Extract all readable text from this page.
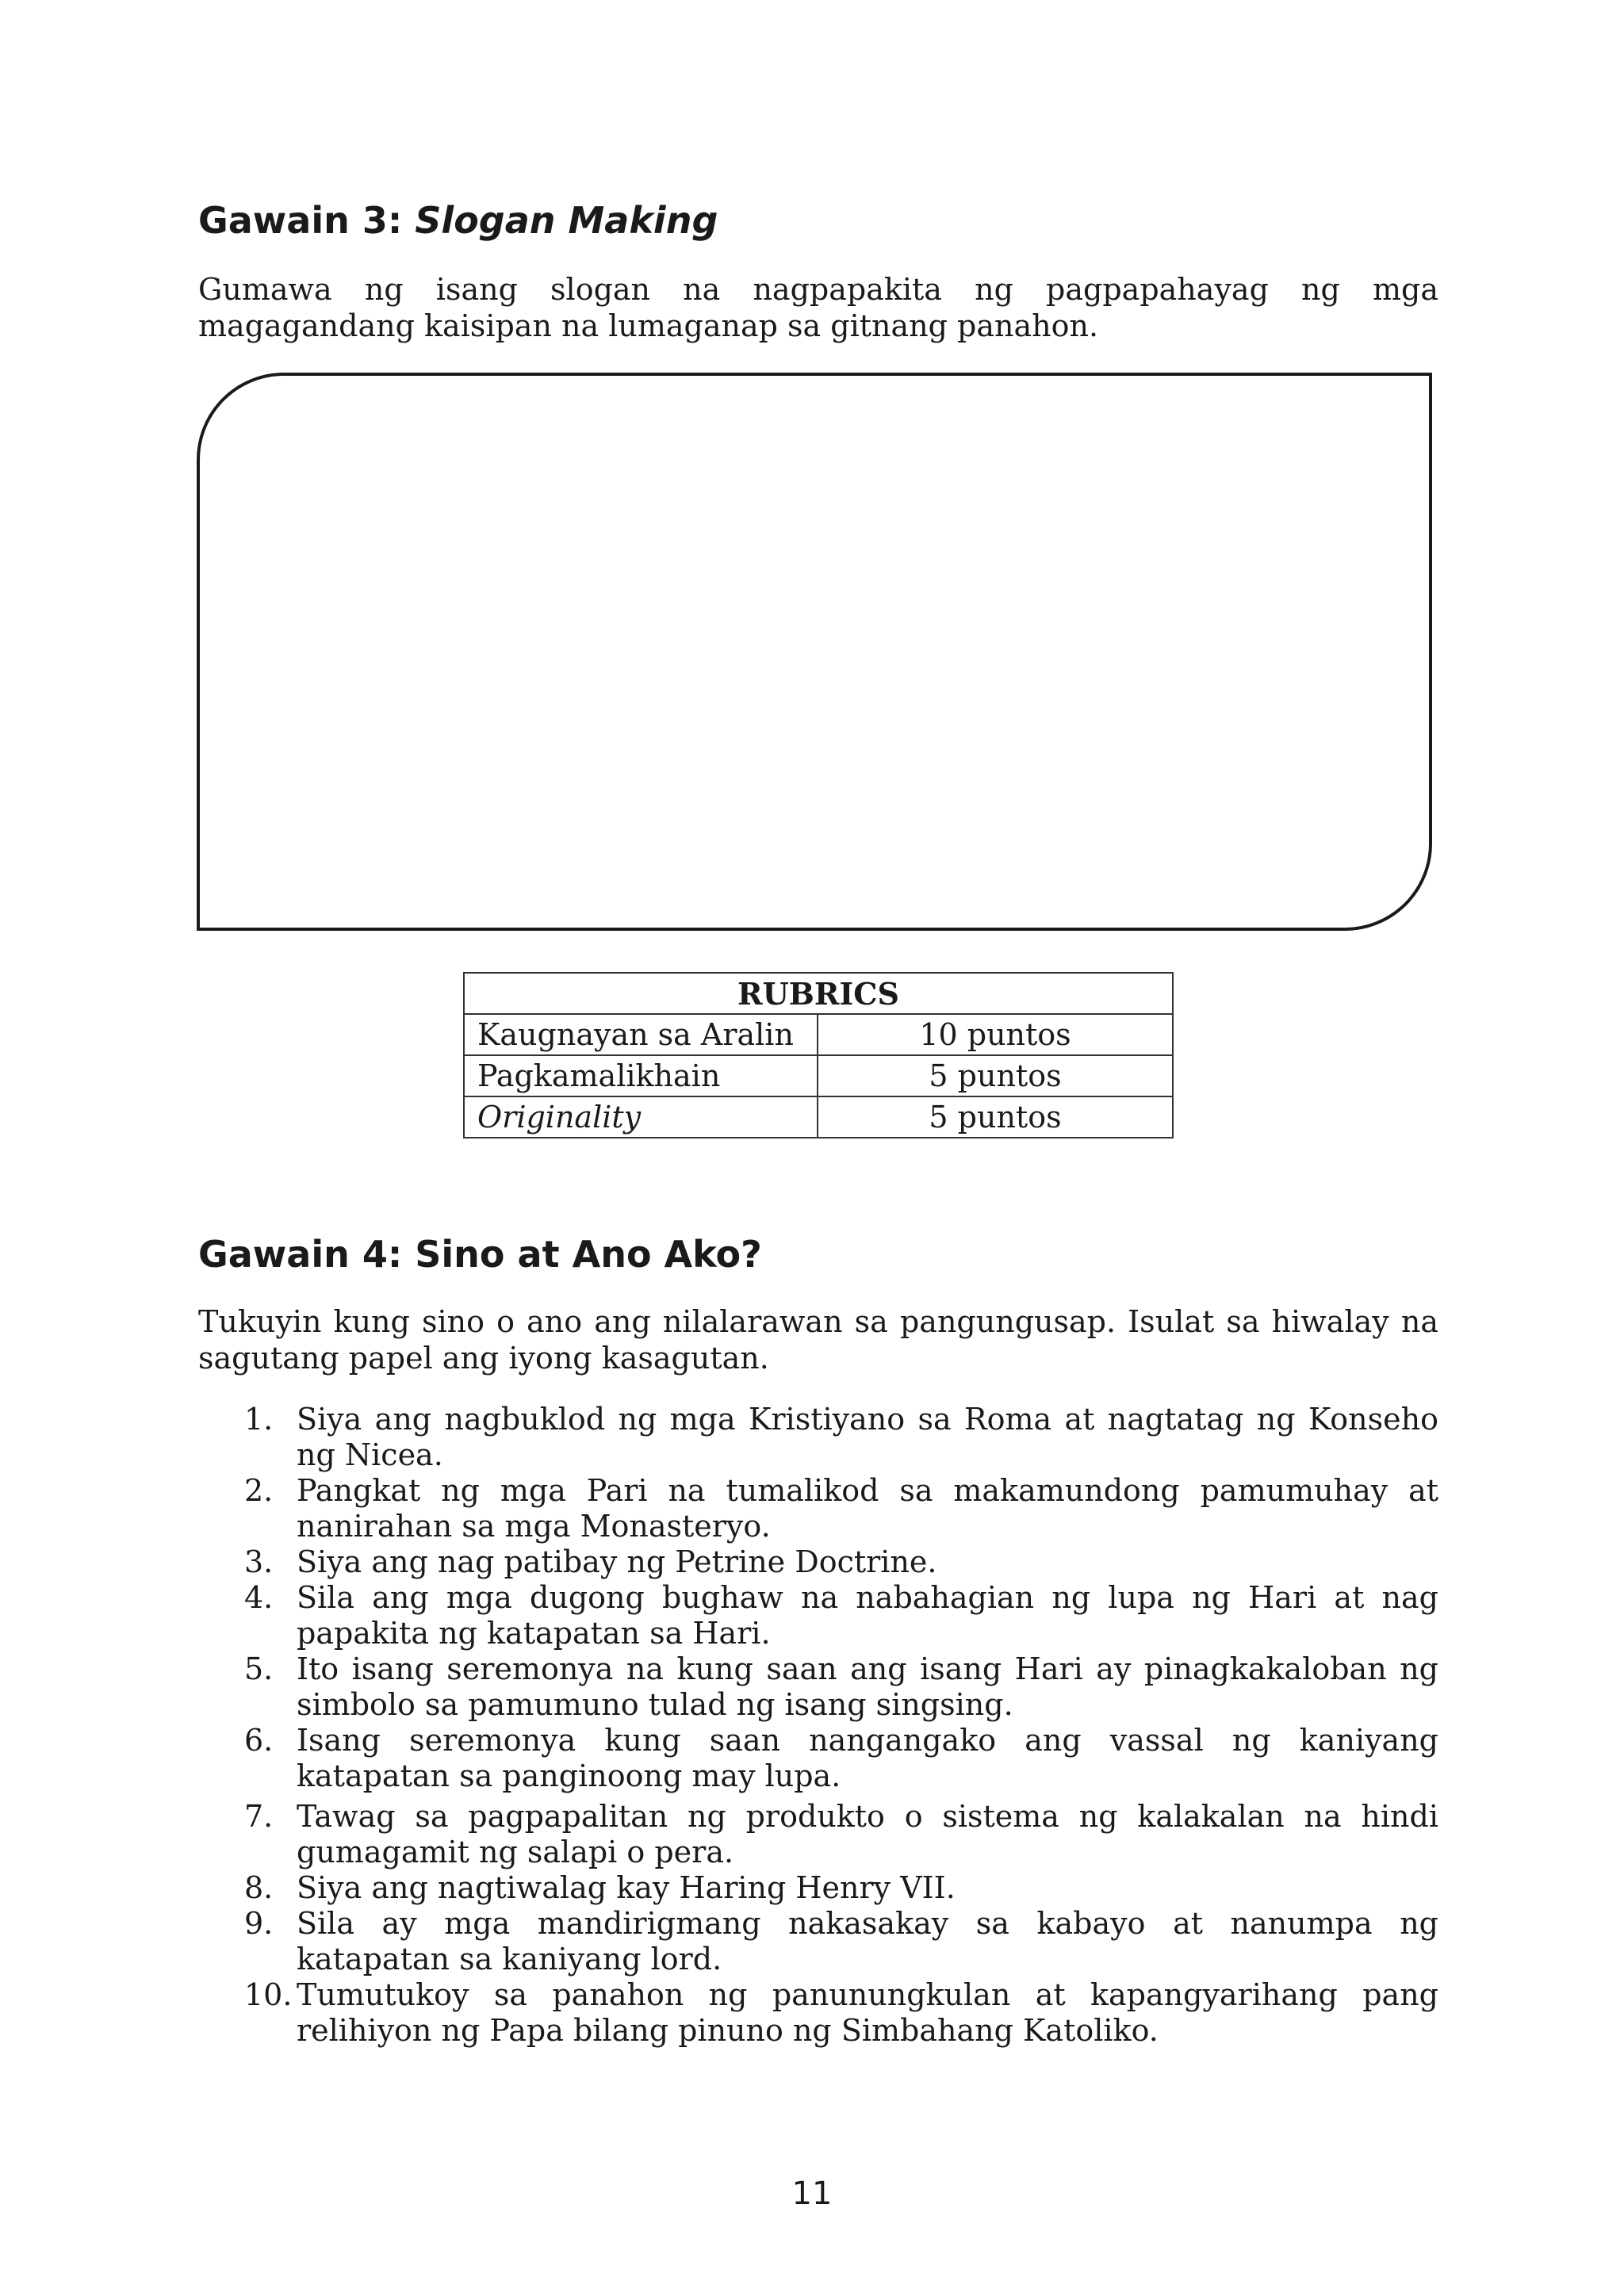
Gawain 3: Slogan Making

Gumawa ng isang slogan na nagpapakita ng pagpapahayag ng mga magagandang kaisipan na lumaganap sa gitnang panahon.

RUBRICS	
Kaugnayan sa Aralin	10 puntos
Pagkamalikhain	5 puntos
Originality	5 puntos
Gawain 4: Sino at Ano Ako?

Tukuyin kung sino o ano ang nilalarawan sa pangungusap. Isulat sa hiwalay na sagutang papel ang iyong kasagutan.

1. Siya ang nagbuklod ng mga Kristiyano sa Roma at nagtatag ng Konseho ng Nicea.
2. Pangkat ng mga Pari na tumalikod sa makamundong pamumuhay at nanirahan sa mga Monasteryo.
3. Siya ang nag patibay ng Petrine Doctrine.
4. Sila ang mga dugong bughaw na nabahagian ng lupa ng Hari at nag papakita ng katapatan sa Hari.
5. Ito isang seremonya na kung saan ang isang Hari ay pinagkakaloban ng simbolo sa pamumuno tulad ng isang singsing.
6. Isang seremonya kung saan nangangako ang vassal ng kaniyang katapatan sa panginoong may lupa.
7. Tawag sa pagpapalitan ng produkto o sistema ng kalakalan na hindi gumagamit ng salapi o pera.
8. Siya ang nagtiwalag kay Haring Henry VII.
9. Sila ay mga mandirigmang nakasakay sa kabayo at nanumpa ng katapatan sa kaniyang lord.
10. Tumutukoy sa panahon ng panunungkulan at kapangyarihang pang relihiyon ng Papa bilang pinuno ng Simbahang Katoliko.
11
